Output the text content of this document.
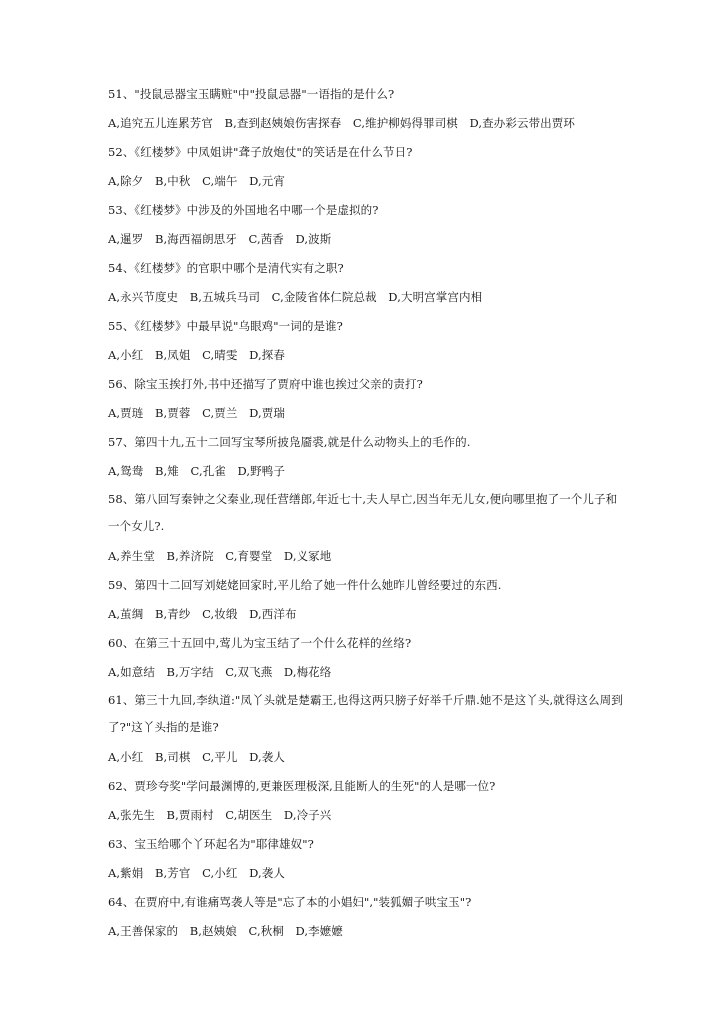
51、"投鼠忌器宝玉瞒赃"中"投鼠忌器"一语指的是什么?
A,追究五儿连累芳官　B,查到赵姨娘伤害探春　C,维护柳妈得罪司棋　D,查办彩云带出贾环
52、《红楼梦》中凤姐讲"聋子放炮仗"的笑话是在什么节日?
A,除夕　B,中秋　C,端午　D,元宵
53、《红楼梦》中涉及的外国地名中哪一个是虚拟的?
A,暹罗　B,海西福朗思牙　C,茜香　D,波斯
54、《红楼梦》的官职中哪个是清代实有之职?
A,永兴节度史　B,五城兵马司　C,金陵省体仁院总裁　D,大明宫掌宫内相
55、《红楼梦》中最早说"乌眼鸡"一词的是谁?
A,小红　B,凤姐　C,晴雯　D,探春
56、除宝玉挨打外,书中还描写了贾府中谁也挨过父亲的责打?
A,贾琏　B,贾蓉　C,贾兰　D,贾瑞
57、第四十九,五十二回写宝琴所披凫靥裘,就是什么动物头上的毛作的.
A,鸳鸯　B,雉　C,孔雀　D,野鸭子
58、第八回写秦钟之父秦业,现任营缮郎,年近七十,夫人早亡,因当年无儿女,便向哪里抱了一个儿子和一个女儿?.
A,养生堂　B,养济院　C,育婴堂　D,义冢地
59、第四十二回写刘姥姥回家时,平儿给了她一件什么她昨儿曾经要过的东西.
A,茧绸　B,青纱　C,妆缎　D,西洋布
60、在第三十五回中,莺儿为宝玉结了一个什么花样的丝络?
A,如意结　B,万字结　C,双飞燕　D,梅花络
61、第三十九回,李纨道:"凤丫头就是楚霸王,也得这两只膀子好举千斤鼎.她不是这丫头,就得这么周到了?"这丫头指的是谁?
A,小红　B,司棋　C,平儿　D,袭人
62、贾珍夸奖"学问最渊博的,更兼医理极深,且能断人的生死"的人是哪一位?
A,张先生　B,贾雨村　C,胡医生　D,冷子兴
63、宝玉给哪个丫环起名为"耶律雄奴"?
A,紫娟　B,芳官　C,小红　D,袭人
64、在贾府中,有谁痛骂袭人等是"忘了本的小娼妇","装狐媚子哄宝玉"?
A,王善保家的　B,赵姨娘　C,秋桐　D,李嬷嬷
